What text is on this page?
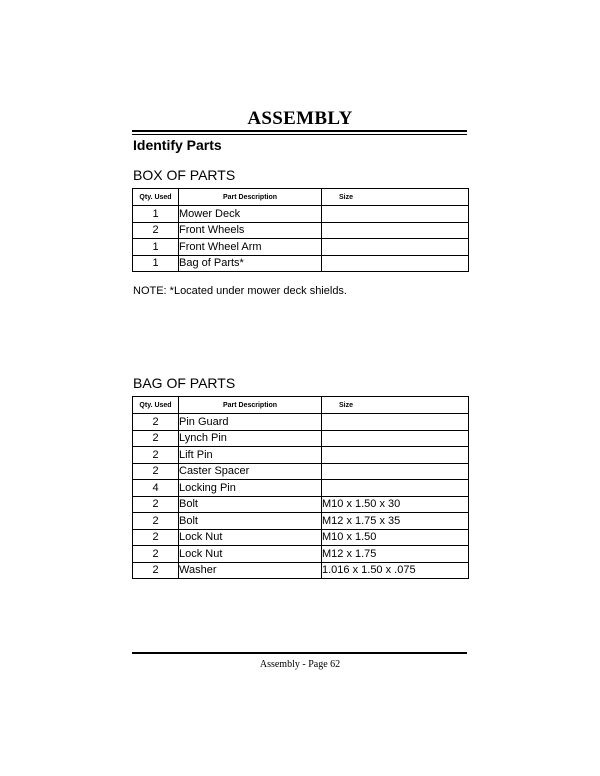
ASSEMBLY
Identify Parts
BOX OF PARTS
Qty. Used	Part Description	Size
1	Mower Deck	
2	Front Wheels	
1	Front Wheel Arm	
1	Bag of Parts*	
NOTE: *Located under mower deck shields.
BAG OF PARTS
Qty. Used	Part Description	Size
2	Pin Guard	
2	Lynch Pin	
2	Lift Pin	
2	Caster Spacer	
4	Locking Pin	
2	Bolt	M10 x 1.50 x 30
2	Bolt	M12 x 1.75 x 35
2	Lock Nut	M10 x 1.50
2	Lock Nut	M12 x 1.75
2	Washer	1.016 x 1.50 x .075
Assembly - Page 62
